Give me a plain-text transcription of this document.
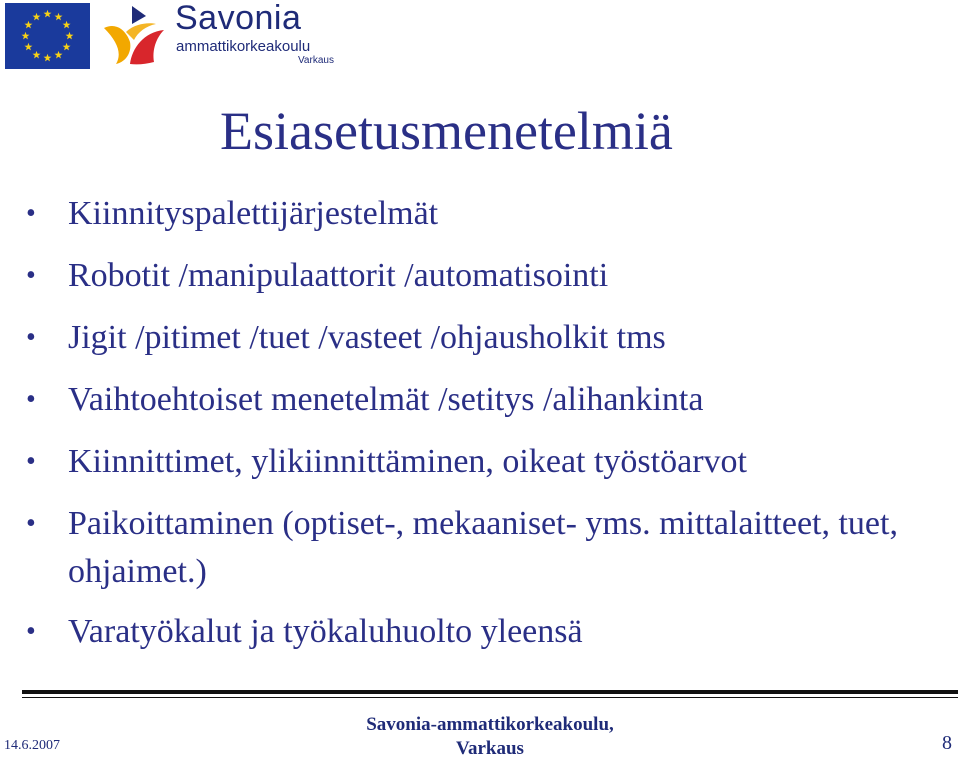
Savonia
ammattikorkeakoulu
Varkaus
Esiasetusmenetelmiä
• Kiinnityspalettijärjestelmät
• Robotit /manipulaattorit /automatisointi
• Jigit /pitimet /tuet /vasteet /ohjausholkit tms
• Vaihtoehtoiset menetelmät /setitys /alihankinta
• Kiinnittimet, ylikiinnittäminen, oikeat työstöarvot
• Paikoittaminen (optiset-, mekaaniset- yms. mittalaitteet, tuet, ohjaimet.)
• Varatyökalut ja työkaluhuolto yleensä
14.6.2007
Savonia-ammattikorkeakoulu,
Varkaus	8
